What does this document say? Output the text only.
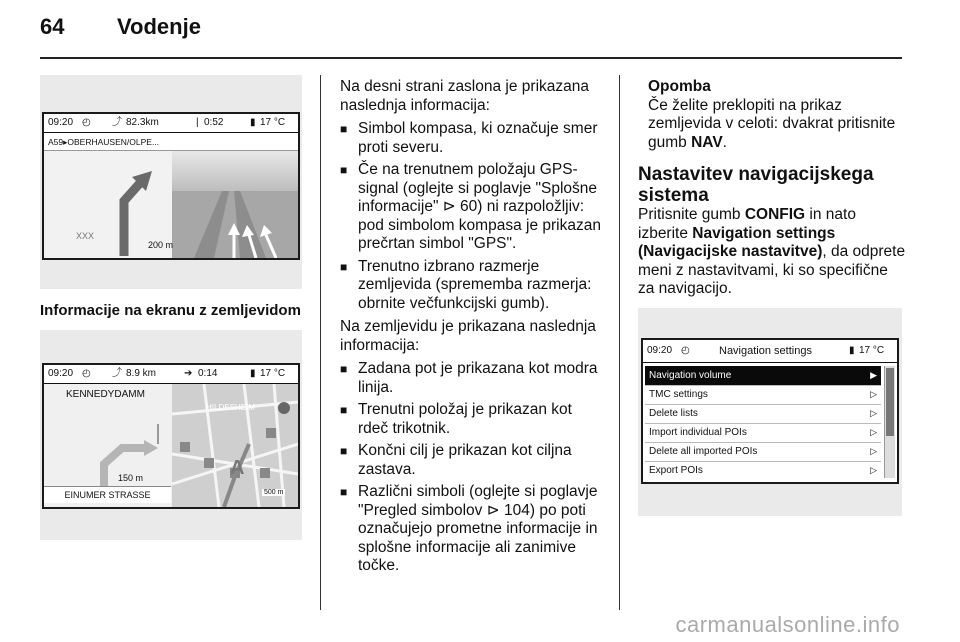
64 Vodenje
09:20 ◴ ⤴ 82.3km	| 0:52	▮ 17 °C
A59▸OBERHAUSEN/OLPE...
XXX
200 m
Informacije na ekranu z zemljevidom
09:20 ◴ ⤴ 8.9 km	➔ 0:14	▮ 17 °C
KENNEDYDAMM
HILDESHEIM
A
150 m
EINUMER STRASSE	500 m
Na desni strani zaslona je prikazana naslednja informacija:
■ Simbol kompasa, ki označuje smer proti severu.
■ Če na trenutnem položaju GPS-signal (oglejte si poglavje "Splošne informacije" ⊳ 60) ni razpoložljiv: pod simbolom kompasa je prikazan prečrtan simbol "GPS".
■ Trenutno izbrano razmerje zemljevida (sprememba razmerja: obrnite večfunkcijski gumb).
Na zemljevidu je prikazana naslednja informacija:
■ Zadana pot je prikazana kot modra linija.
■ Trenutni položaj je prikazan kot rdeč trikotnik.
■ Končni cilj je prikazan kot ciljna zastava.
■ Različni simboli (oglejte si poglavje "Pregled simbolov ⊳ 104) po poti označujejo prometne informacije in splošne informacije ali zanimive točke.
Opomba
Če želite preklopiti na prikaz zemljevida v celoti: dvakrat pritisnite gumb NAV.
Nastavitev navigacijskega sistema
Pritisnite gumb CONFIG in nato izberite Navigation settings (Navigacijske nastavitve), da odprete meni z nastavitvami, ki so specifične za navigacijo.
09:20 ◴	Navigation settings	▮ 17 °C
Navigation volume	▶
TMC settings	▷
Delete lists	▷
Import individual POIs	▷
Delete all imported POIs	▷
Export POIs	▷
carmanualsonline.info
